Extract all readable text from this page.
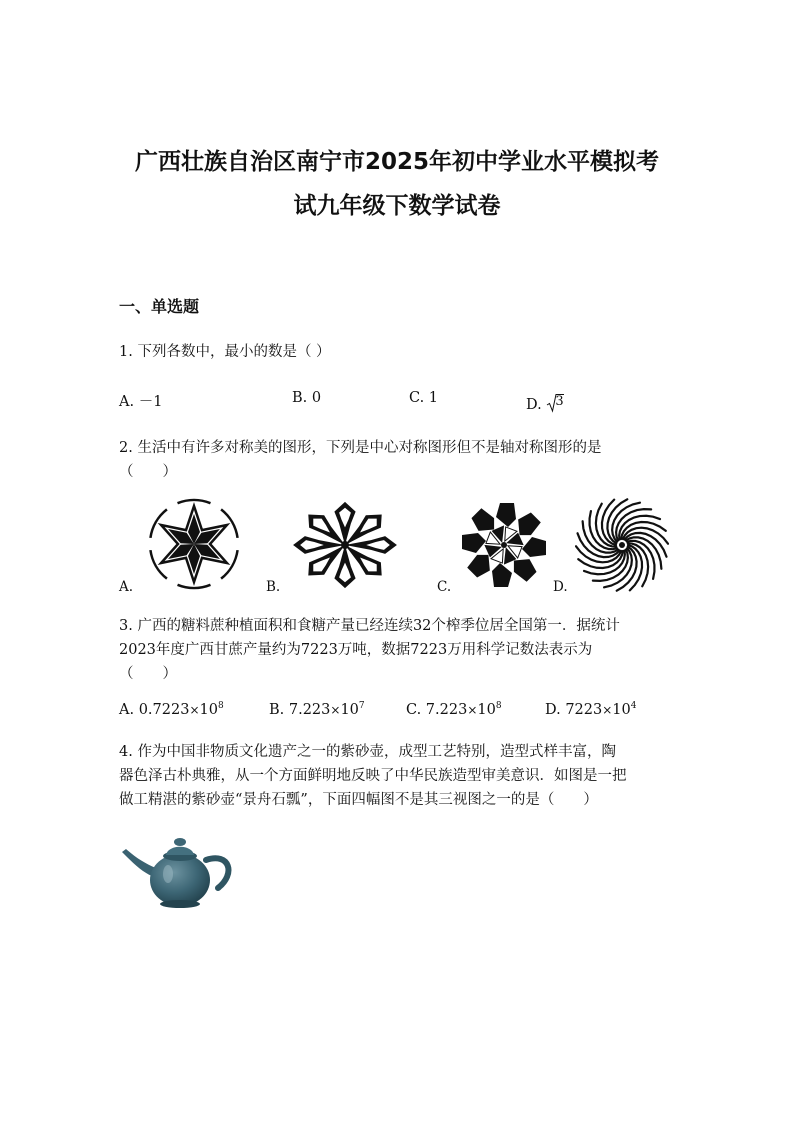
广西壮族自治区南宁市2025年初中学业水平模拟考
试九年级下数学试卷
一、单选题
1. 下列各数中，最小的数是（ ）
A. －1	B. 0	C. 1	D. 3
2. 生活中有许多对称美的图形，下列是中心对称图形但不是轴对称图形的是
（　　）
A.	B.	C.	D.
3. 广西的糖料蔗种植面积和食糖产量已经连续32个榨季位居全国第一．据统计
2023年度广西甘蔗产量约为7223万吨，数据7223万用科学记数法表示为
（　　）
A. $0.7223\times 10^8$	B. $7.223\times 10^7$	C. $7.223\times 10^8$	D. $7223\times 10^4$
4. 作为中国非物质文化遗产之一的紫砂壶，成型工艺特别，造型式样丰富，陶
器色泽古朴典雅，从一个方面鲜明地反映了中华民族造型审美意识．如图是一把
做工精湛的紫砂壶“景舟石瓢”，下面四幅图不是其三视图之一的是（　　）
